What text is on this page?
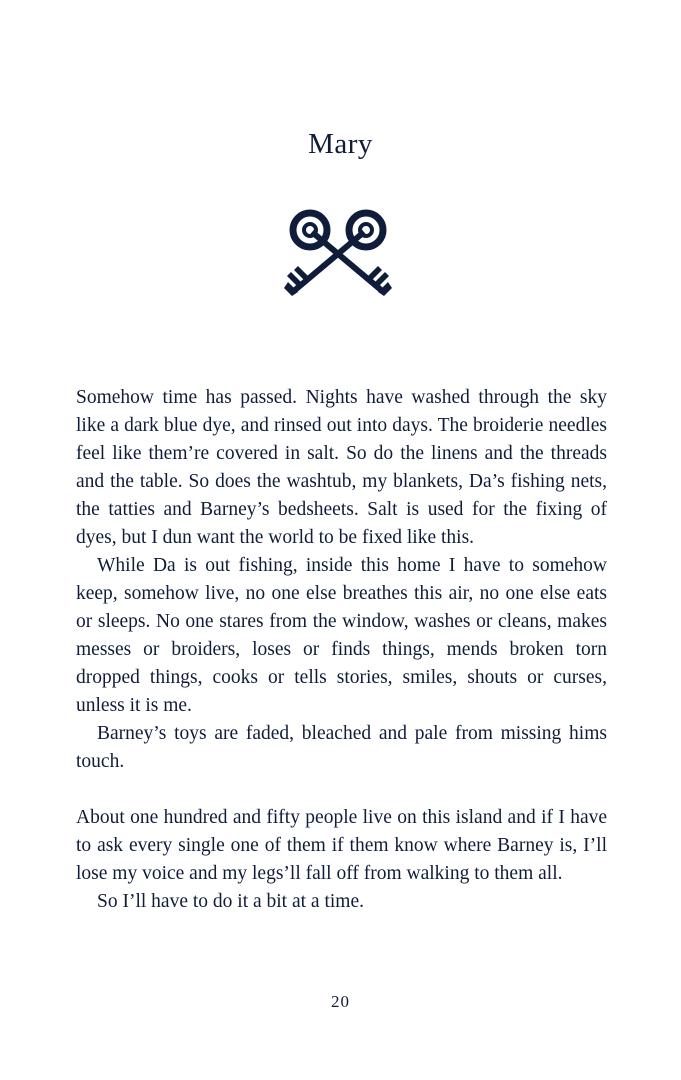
Mary

Somehow time has passed. Nights have washed through the sky like a dark blue dye, and rinsed out into days. The broiderie needles feel like them’re covered in salt. So do the linens and the threads and the table. So does the washtub, my blankets, Da’s fishing nets, the tatties and Barney’s bedsheets. Salt is used for the fixing of dyes, but I dun want the world to be fixed like this.

While Da is out fishing, inside this home I have to somehow keep, somehow live, no one else breathes this air, no one else eats or sleeps. No one stares from the window, washes or cleans, makes messes or broiders, loses or finds things, mends broken torn dropped things, cooks or tells stories, smiles, shouts or curses, unless it is me.

Barney’s toys are faded, bleached and pale from missing hims touch.

About one hundred and fifty people live on this island and if I have to ask every single one of them if them know where Barney is, I’ll lose my voice and my legs’ll fall off from walking to them all.

So I’ll have to do it a bit at a time.

20
